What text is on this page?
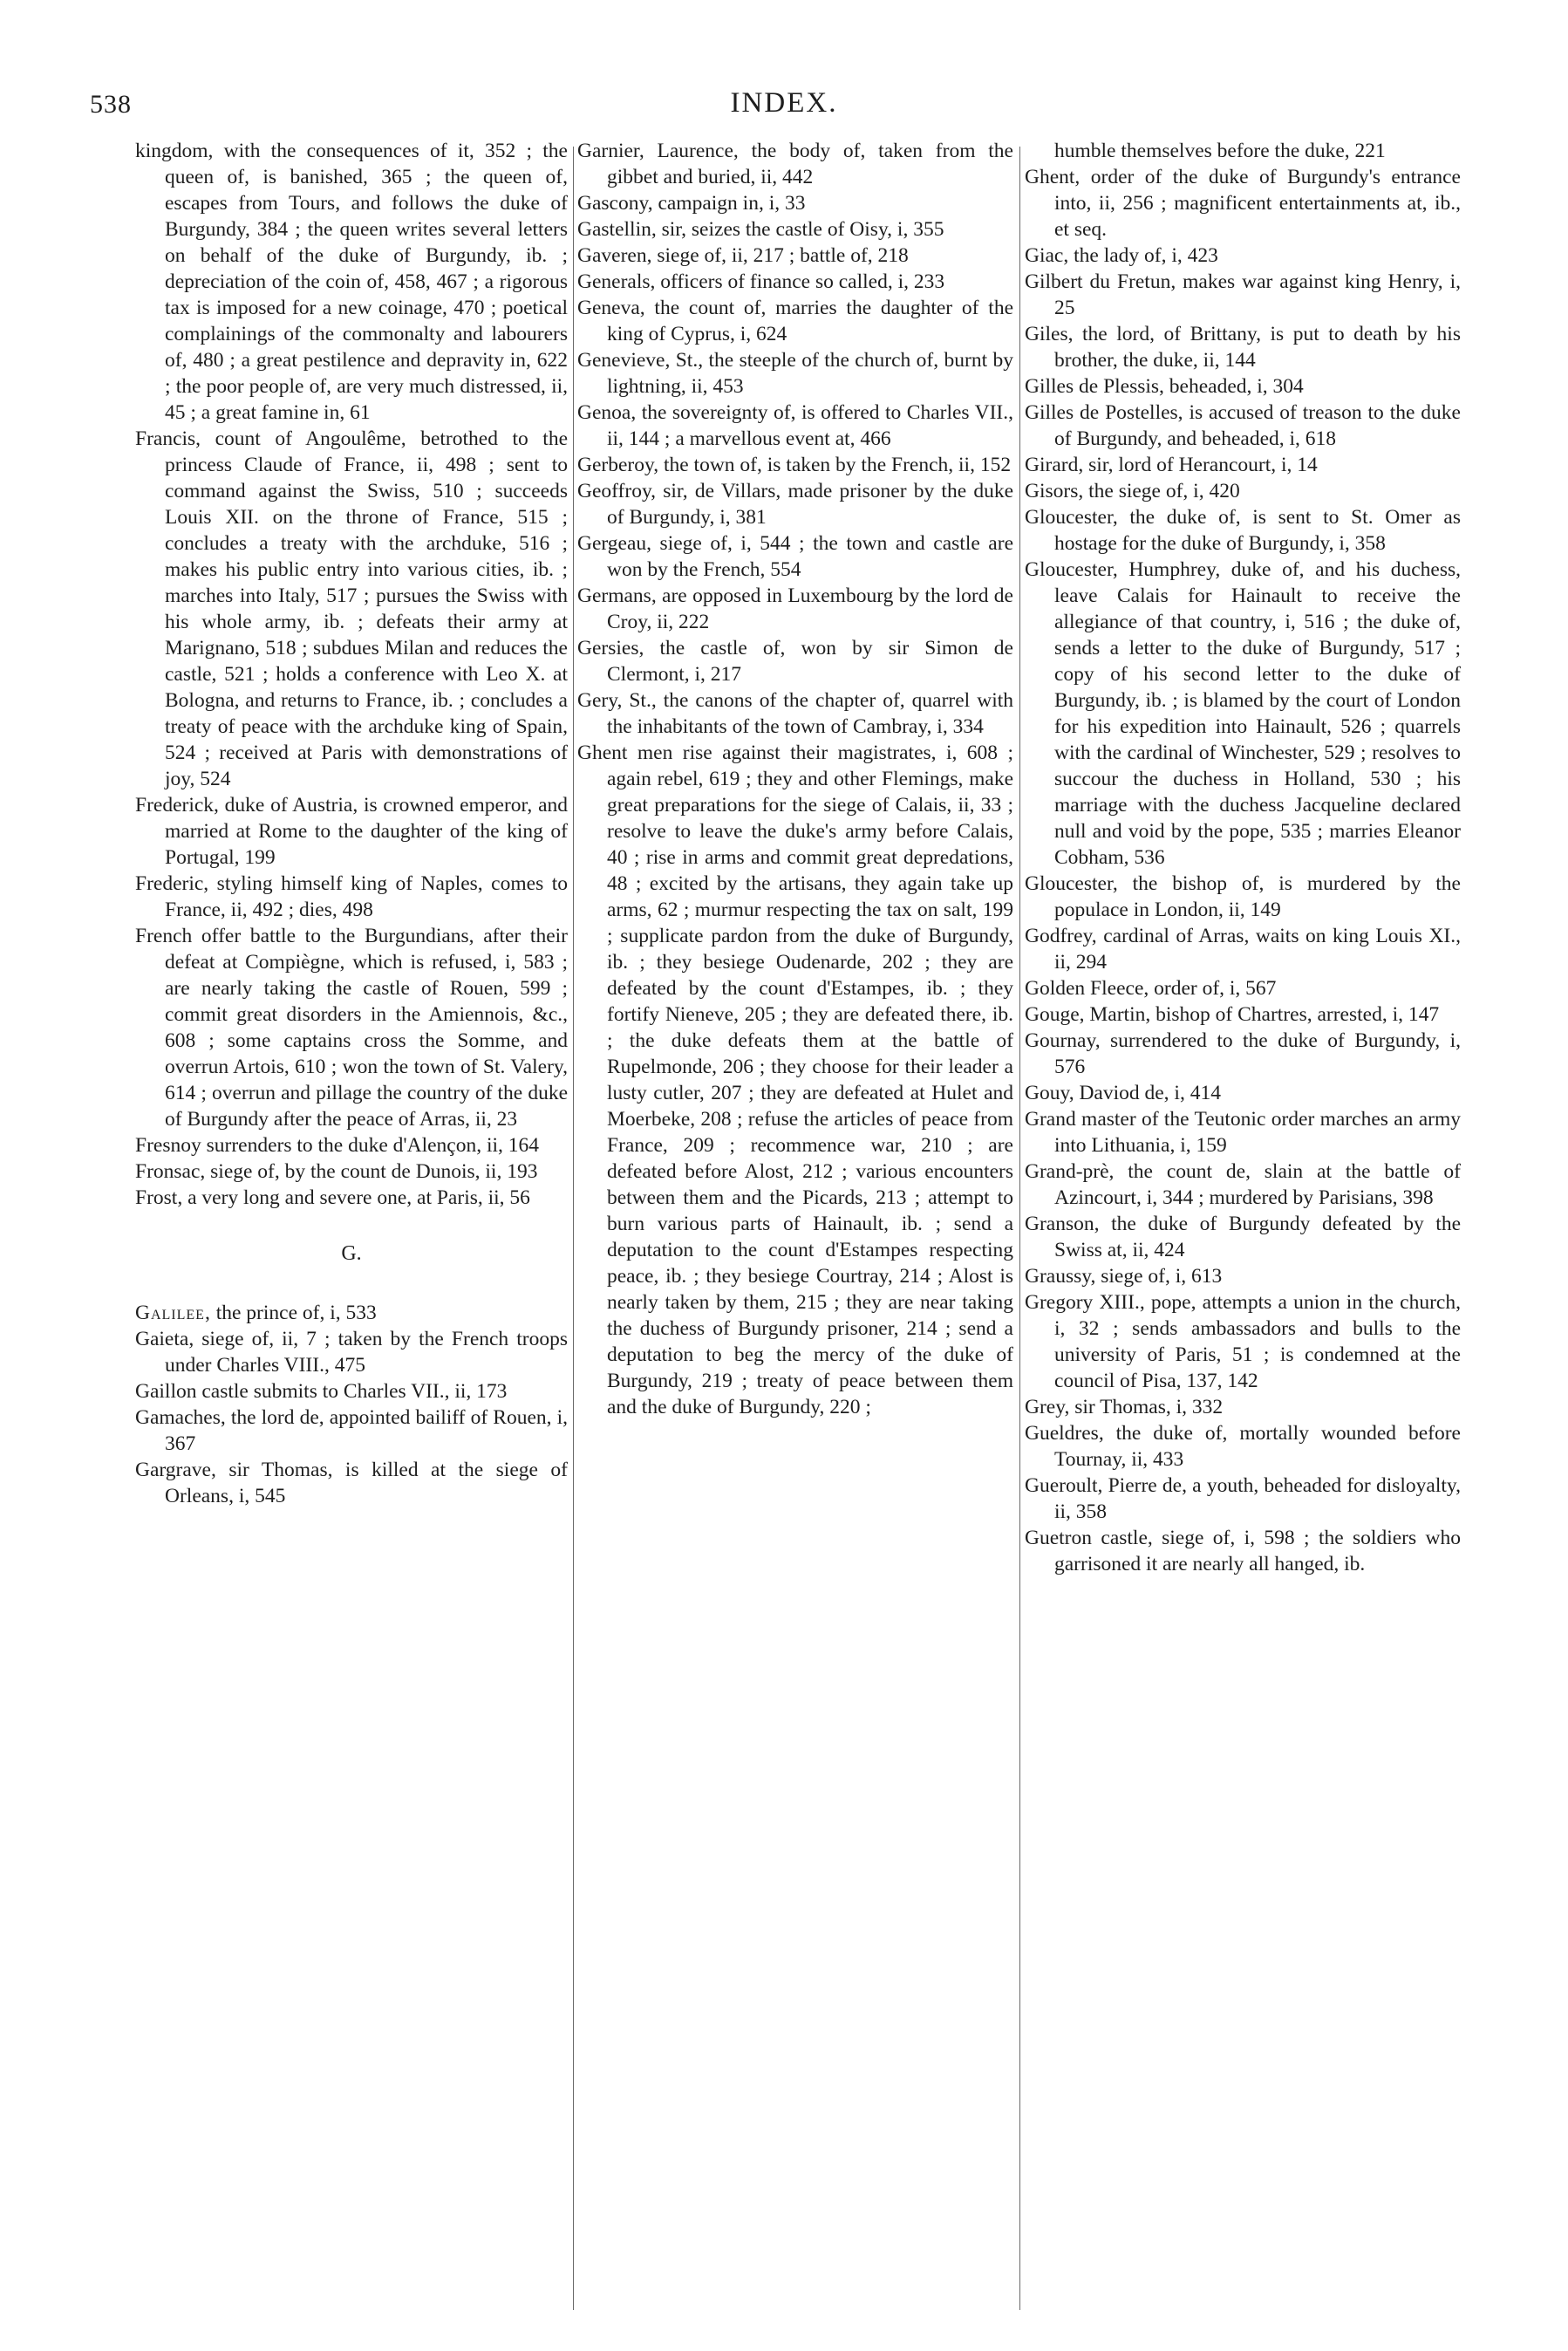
538	INDEX.

kingdom, with the consequences of it, 352 ; the queen of, is banished, 365 ; the queen of, escapes from Tours, and follows the duke of Burgundy, 384 ; the queen writes several letters on behalf of the duke of Burgundy, ib. ; depreciation of the coin of, 458, 467 ; a rigorous tax is imposed for a new coinage, 470 ; poetical complainings of the commonalty and labourers of, 480 ; a great pestilence and depravity in, 622 ; the poor people of, are very much distressed, ii, 45 ; a great famine in, 61

Francis, count of Angoulême, betrothed to the princess Claude of France, ii, 498 ; sent to command against the Swiss, 510 ; succeeds Louis XII. on the throne of France, 515 ; concludes a treaty with the archduke, 516 ; makes his public entry into various cities, ib. ; marches into Italy, 517 ; pursues the Swiss with his whole army, ib. ; defeats their army at Marignano, 518 ; subdues Milan and reduces the castle, 521 ; holds a conference with Leo X. at Bologna, and returns to France, ib. ; concludes a treaty of peace with the archduke king of Spain, 524 ; received at Paris with demonstrations of joy, 524

Frederick, duke of Austria, is crowned emperor, and married at Rome to the daughter of the king of Portugal, 199

Frederic, styling himself king of Naples, comes to France, ii, 492 ; dies, 498

French offer battle to the Burgundians, after their defeat at Compiègne, which is refused, i, 583 ; are nearly taking the castle of Rouen, 599 ; commit great disorders in the Amiennois, &c., 608 ; some captains cross the Somme, and overrun Artois, 610 ; won the town of St. Valery, 614 ; overrun and pillage the country of the duke of Burgundy after the peace of Arras, ii, 23

Fresnoy surrenders to the duke d'Alençon, ii, 164

Fronsac, siege of, by the count de Dunois, ii, 193

Frost, a very long and severe one, at Paris, ii, 56

G.

Galilee, the prince of, i, 533

Gaieta, siege of, ii, 7 ; taken by the French troops under Charles VIII., 475

Gaillon castle submits to Charles VII., ii, 173

Gamaches, the lord de, appointed bailiff of Rouen, i, 367

Gargrave, sir Thomas, is killed at the siege of Orleans, i, 545

Garnier, Laurence, the body of, taken from the gibbet and buried, ii, 442

Gascony, campaign in, i, 33

Gastellin, sir, seizes the castle of Oisy, i, 355

Gaveren, siege of, ii, 217 ; battle of, 218

Generals, officers of finance so called, i, 233

Geneva, the count of, marries the daughter of the king of Cyprus, i, 624

Genevieve, St., the steeple of the church of, burnt by lightning, ii, 453

Genoa, the sovereignty of, is offered to Charles VII., ii, 144 ; a marvellous event at, 466

Gerberoy, the town of, is taken by the French, ii, 152

Geoffroy, sir, de Villars, made prisoner by the duke of Burgundy, i, 381

Gergeau, siege of, i, 544 ; the town and castle are won by the French, 554

Germans, are opposed in Luxembourg by the lord de Croy, ii, 222

Gersies, the castle of, won by sir Simon de Clermont, i, 217

Gery, St., the canons of the chapter of, quarrel with the inhabitants of the town of Cambray, i, 334

Ghent men rise against their magistrates, i, 608 ; again rebel, 619 ; they and other Flemings, make great preparations for the siege of Calais, ii, 33 ; resolve to leave the duke's army before Calais, 40 ; rise in arms and commit great depredations, 48 ; excited by the artisans, they again take up arms, 62 ; murmur respecting the tax on salt, 199 ; supplicate pardon from the duke of Burgundy, ib. ; they besiege Oudenarde, 202 ; they are defeated by the count d'Estampes, ib. ; they fortify Nieneve, 205 ; they are defeated there, ib. ; the duke defeats them at the battle of Rupelmonde, 206 ; they choose for their leader a lusty cutler, 207 ; they are defeated at Hulet and Moerbeke, 208 ; refuse the articles of peace from France, 209 ; recommence war, 210 ; are defeated before Alost, 212 ; various encounters between them and the Picards, 213 ; attempt to burn various parts of Hainault, ib. ; send a deputation to the count d'Estampes respecting peace, ib. ; they besiege Courtray, 214 ; Alost is nearly taken by them, 215 ; they are near taking the duchess of Burgundy prisoner, 214 ; send a deputation to beg the mercy of the duke of Burgundy, 219 ; treaty of peace between them and the duke of Burgundy, 220 ;

humble themselves before the duke, 221

Ghent, order of the duke of Burgundy's entrance into, ii, 256 ; magnificent entertainments at, ib., et seq.

Giac, the lady of, i, 423

Gilbert du Fretun, makes war against king Henry, i, 25

Giles, the lord, of Brittany, is put to death by his brother, the duke, ii, 144

Gilles de Plessis, beheaded, i, 304

Gilles de Postelles, is accused of treason to the duke of Burgundy, and beheaded, i, 618

Girard, sir, lord of Herancourt, i, 14

Gisors, the siege of, i, 420

Gloucester, the duke of, is sent to St. Omer as hostage for the duke of Burgundy, i, 358

Gloucester, Humphrey, duke of, and his duchess, leave Calais for Hainault to receive the allegiance of that country, i, 516 ; the duke of, sends a letter to the duke of Burgundy, 517 ; copy of his second letter to the duke of Burgundy, ib. ; is blamed by the court of London for his expedition into Hainault, 526 ; quarrels with the cardinal of Winchester, 529 ; resolves to succour the duchess in Holland, 530 ; his marriage with the duchess Jacqueline declared null and void by the pope, 535 ; marries Eleanor Cobham, 536

Gloucester, the bishop of, is murdered by the populace in London, ii, 149

Godfrey, cardinal of Arras, waits on king Louis XI., ii, 294

Golden Fleece, order of, i, 567

Gouge, Martin, bishop of Chartres, arrested, i, 147

Gournay, surrendered to the duke of Burgundy, i, 576

Gouy, Daviod de, i, 414

Grand master of the Teutonic order marches an army into Lithuania, i, 159

Grand-prè, the count de, slain at the battle of Azincourt, i, 344 ; murdered by Parisians, 398

Granson, the duke of Burgundy defeated by the Swiss at, ii, 424

Graussy, siege of, i, 613

Gregory XIII., pope, attempts a union in the church, i, 32 ; sends ambassadors and bulls to the university of Paris, 51 ; is condemned at the council of Pisa, 137, 142

Grey, sir Thomas, i, 332

Gueldres, the duke of, mortally wounded before Tournay, ii, 433

Gueroult, Pierre de, a youth, beheaded for disloyalty, ii, 358

Guetron castle, siege of, i, 598 ; the soldiers who garrisoned it are nearly all hanged, ib.
